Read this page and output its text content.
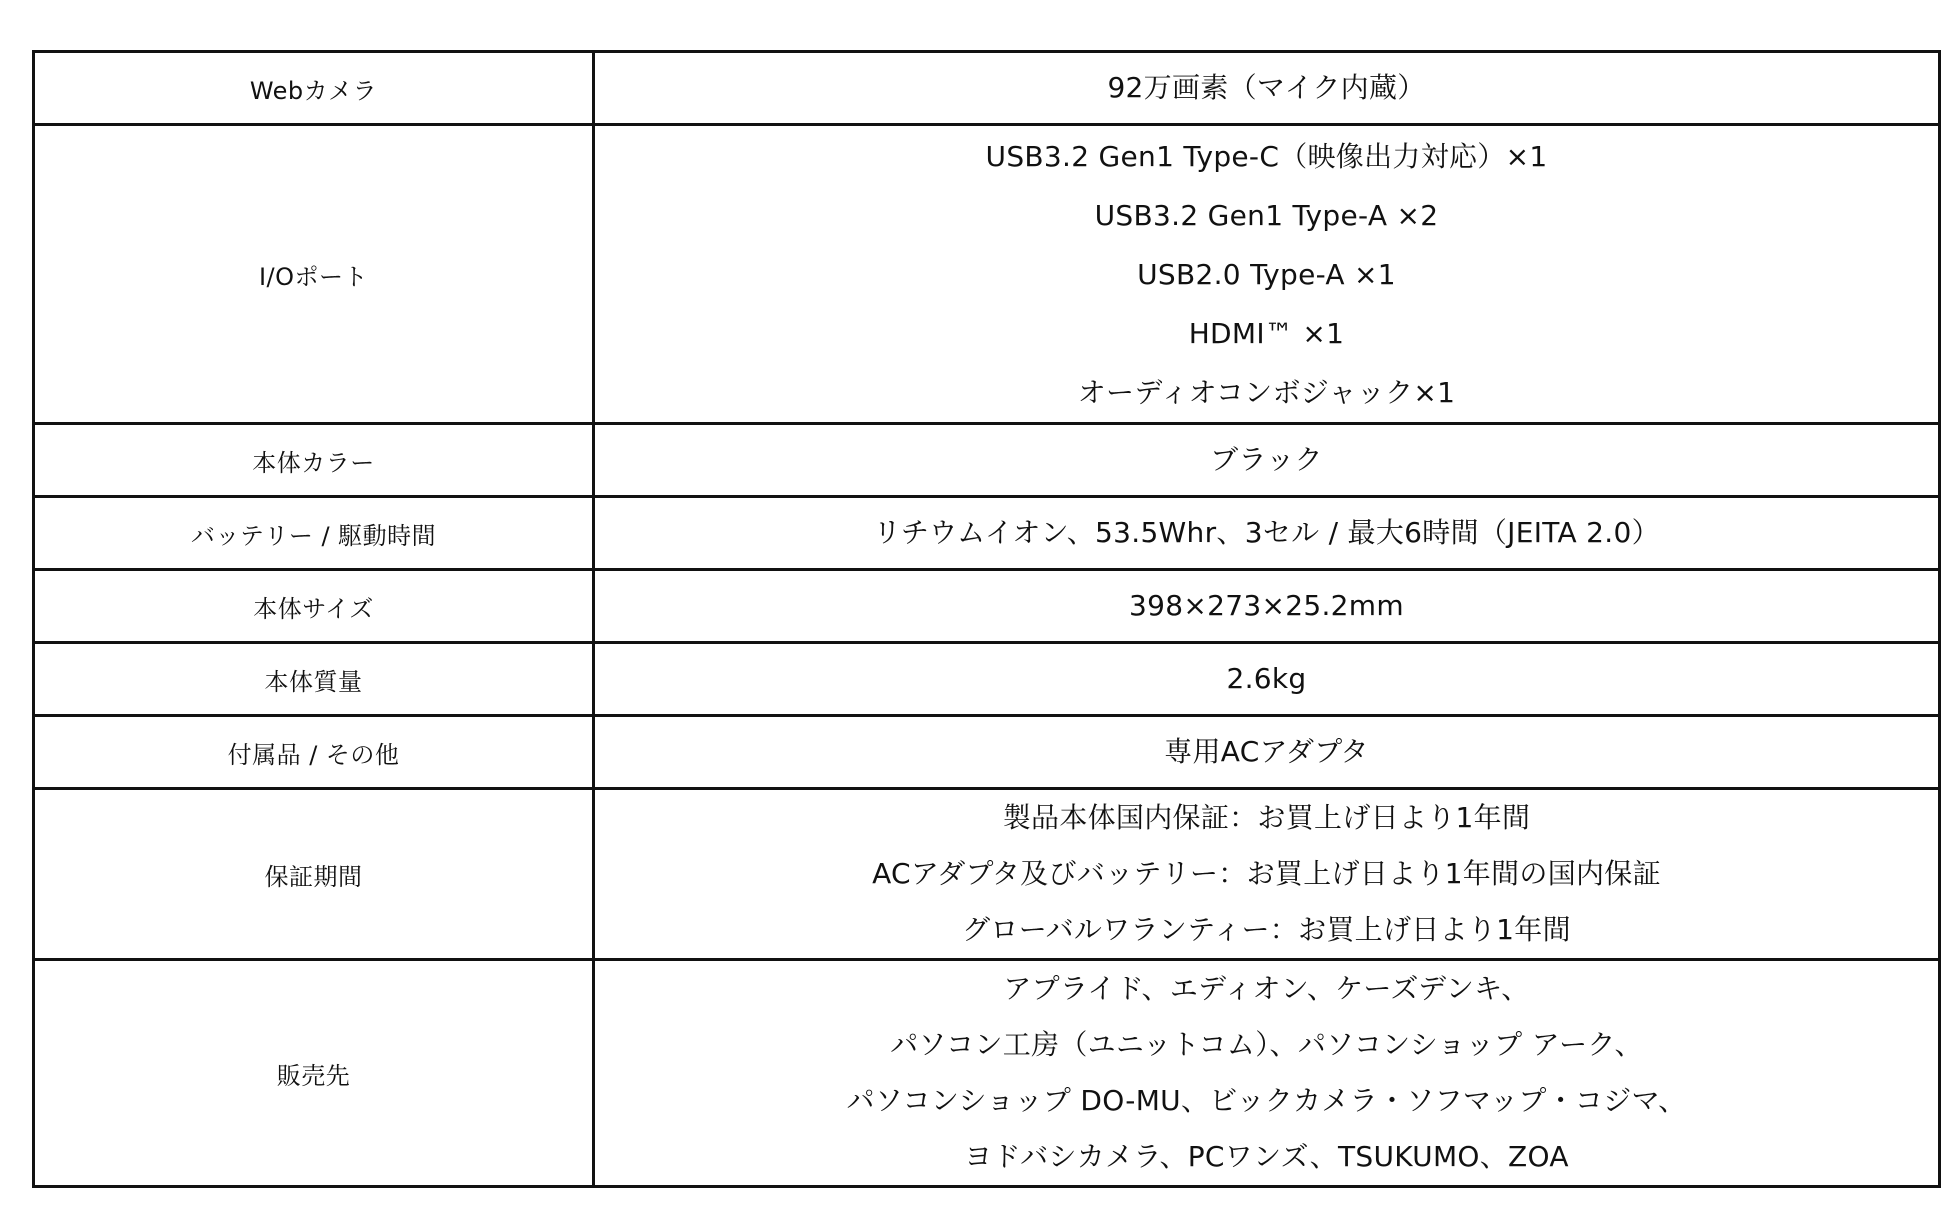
Webカメラ	92万画素（マイク内蔵）

I/Oポート	USB3.2 Gen1 Type-C（映像出力対応）×1
USB3.2 Gen1 Type-A ×2
USB2.0 Type-A ×1
HDMI™ ×1
オーディオコンボジャック×1

本体カラー	ブラック

バッテリー / 駆動時間	リチウムイオン、53.5Whr、3セル / 最大6時間（JEITA 2.0）

本体サイズ	398×273×25.2mm

本体質量	2.6kg

付属品 / その他	専用ACアダプタ

保証期間	製品本体国内保証：お買上げ日より1年間
ACアダプタ及びバッテリー：お買上げ日より1年間の国内保証
グローバルワランティー：お買上げ日より1年間

販売先	アプライド、エディオン、ケーズデンキ、
パソコン工房（ユニットコム）、パソコンショップ アーク、
パソコンショップ DO-MU、ビックカメラ・ソフマップ・コジマ、
ヨドバシカメラ、PCワンズ、TSUKUMO、ZOA
